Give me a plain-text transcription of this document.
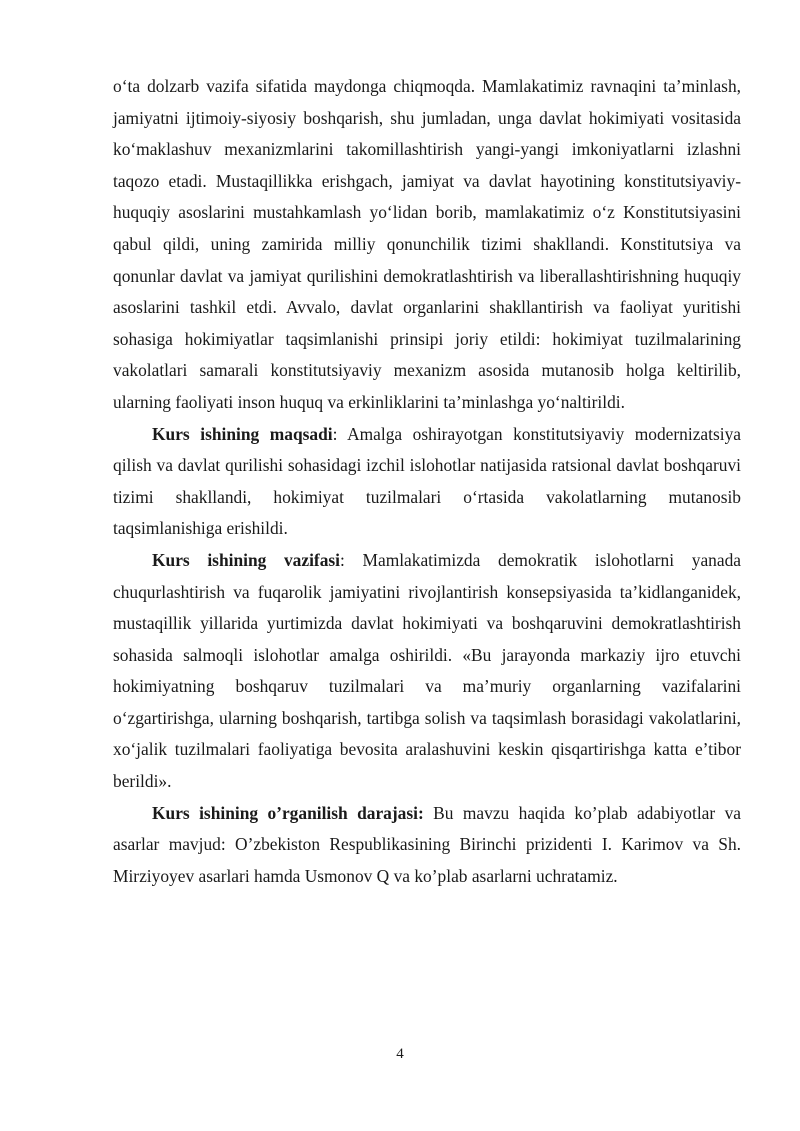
o‘ta dolzarb vazifa sifatida maydonga chiqmoqda. Mamlakatimiz ravnaqini ta’minlash, jamiyatni ijtimoiy-siyosiy boshqarish, shu jumladan, unga davlat hokimiyati vositasida ko‘maklashuv mexanizmlarini takomillashtirish yangi-yangi imkoniyatlarni izlashni taqozo etadi. Mustaqillikka erishgach, jamiyat va davlat hayotining konstitutsiyaviy-huquqiy asoslarini mustahkamlash yo‘lidan borib, mamlakatimiz o‘z Konstitutsiyasini qabul qildi, uning zamirida milliy qonunchilik tizimi shakllandi. Konstitutsiya va qonunlar davlat va jamiyat qurilishini demokratlashtirish va liberallashtirishning huquqiy asoslarini tashkil etdi. Avvalo, davlat organlarini shakllantirish va faoliyat yuritishi sohasiga hokimiyatlar taqsimlanishi prinsipi joriy etildi: hokimiyat tuzilmalarining vakolatlari samarali konstitutsiyaviy mexanizm asosida mutanosib holga keltirilib, ularning faoliyati inson huquq va erkinliklarini ta’minlashga yo‘naltirildi.

Kurs ishining maqsadi: Amalga oshirayotgan konstitutsiyaviy modernizatsiya qilish va davlat qurilishi sohasidagi izchil islohotlar natijasida ratsional davlat boshqaruvi tizimi shakllandi, hokimiyat tuzilmalari o‘rtasida vakolatlarning mutanosib taqsimlanishiga erishildi.

Kurs ishining vazifasi: Mamlakatimizda demokratik islohotlarni yanada chuqurlashtirish va fuqarolik jamiyatini rivojlantirish konsepsiyasida ta’kidlanganidek, mustaqillik yillarida yurtimizda davlat hokimiyati va boshqaruvini demokratlashtirish sohasida salmoqli islohotlar amalga oshirildi. «Bu jarayonda markaziy ijro etuvchi hokimiyatning boshqaruv tuzilmalari va ma’muriy organlarning vazifalarini o‘zgartirishga, ularning boshqarish, tartibga solish va taqsimlash borasidagi vakolatlarini, xo‘jalik tuzilmalari faoliyatiga bevosita aralashuvini keskin qisqartirishga katta e’tibor berildi».

Kurs ishining o’rganilish darajasi: Bu mavzu haqida ko’plab adabiyotlar va asarlar mavjud: O’zbekiston Respublikasining Birinchi prizidenti I. Karimov va Sh. Mirziyoyev asarlari hamda Usmonov Q va ko’plab asarlarni uchratamiz.

4
